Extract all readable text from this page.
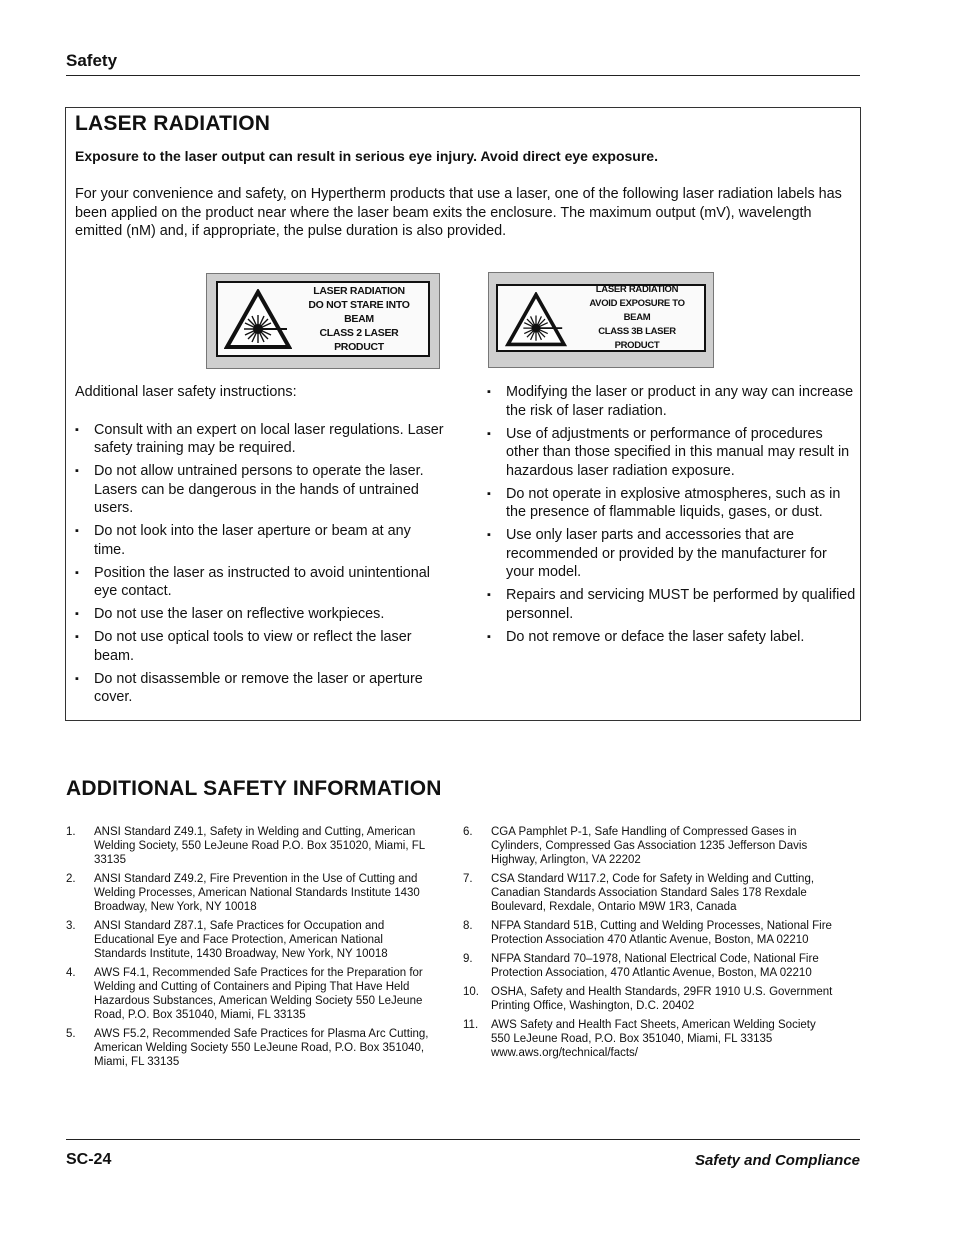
Safety
LASER RADIATION
Exposure to the laser output can result in serious eye injury. Avoid direct eye exposure.
For your convenience and safety, on Hypertherm products that use a laser, one of the following laser radiation labels has been applied on the product near where the laser beam exits the enclosure. The maximum output (mV), wavelength emitted (nM) and, if appropriate, the pulse duration is also provided.
LASER RADIATION
DO NOT STARE INTO BEAM
CLASS 2 LASER PRODUCT
LASER RADIATION
AVOID EXPOSURE TO BEAM
CLASS 3B LASER PRODUCT

Additional laser safety instructions:

▪ Consult with an expert on local laser regulations. Laser safety training may be required.
▪ Do not allow untrained persons to operate the laser. Lasers can be dangerous in the hands of untrained users.
▪ Do not look into the laser aperture or beam at any time.
▪ Position the laser as instructed to avoid unintentional eye contact.
▪ Do not use the laser on reflective workpieces.
▪ Do not use optical tools to view or reflect the laser beam.
▪ Do not disassemble or remove the laser or aperture cover.
▪ Modifying the laser or product in any way can increase the risk of laser radiation.
▪ Use of adjustments or performance of procedures other than those specified in this manual may result in hazardous laser radiation exposure.
▪ Do not operate in explosive atmospheres, such as in the presence of flammable liquids, gases, or dust.
▪ Use only laser parts and accessories that are recommended or provided by the manufacturer for your model.
▪ Repairs and servicing MUST be performed by qualified personnel.
▪ Do not remove or deface the laser safety label.
ADDITIONAL SAFETY INFORMATION
1. ANSI Standard Z49.1, Safety in Welding and Cutting, American Welding Society, 550 LeJeune Road P.O. Box 351020, Miami, FL 33135
2. ANSI Standard Z49.2, Fire Prevention in the Use of Cutting and Welding Processes, American National Standards Institute 1430 Broadway, New York, NY 10018
3. ANSI Standard Z87.1, Safe Practices for Occupation and Educational Eye and Face Protection, American National Standards Institute, 1430 Broadway, New York, NY 10018
4. AWS F4.1, Recommended Safe Practices for the Preparation for Welding and Cutting of Containers and Piping That Have Held Hazardous Substances, American Welding Society 550 LeJeune Road, P.O. Box 351040, Miami, FL 33135
5. AWS F5.2, Recommended Safe Practices for Plasma Arc Cutting, American Welding Society 550 LeJeune Road, P.O. Box 351040, Miami, FL 33135
6. CGA Pamphlet P-1, Safe Handling of Compressed Gases in Cylinders, Compressed Gas Association 1235 Jefferson Davis Highway, Arlington, VA 22202
7. CSA Standard W117.2, Code for Safety in Welding and Cutting, Canadian Standards Association Standard Sales 178 Rexdale Boulevard, Rexdale, Ontario M9W 1R3, Canada
8. NFPA Standard 51B, Cutting and Welding Processes, National Fire Protection Association 470 Atlantic Avenue, Boston, MA 02210
9. NFPA Standard 70–1978, National Electrical Code, National Fire Protection Association, 470 Atlantic Avenue, Boston, MA 02210
10. OSHA, Safety and Health Standards, 29FR 1910 U.S. Government Printing Office, Washington, D.C. 20402
11. AWS Safety and Health Fact Sheets, American Welding Society 550 LeJeune Road, P.O. Box 351040, Miami, FL 33135 www.aws.org/technical/facts/
SC-24	Safety and Compliance
